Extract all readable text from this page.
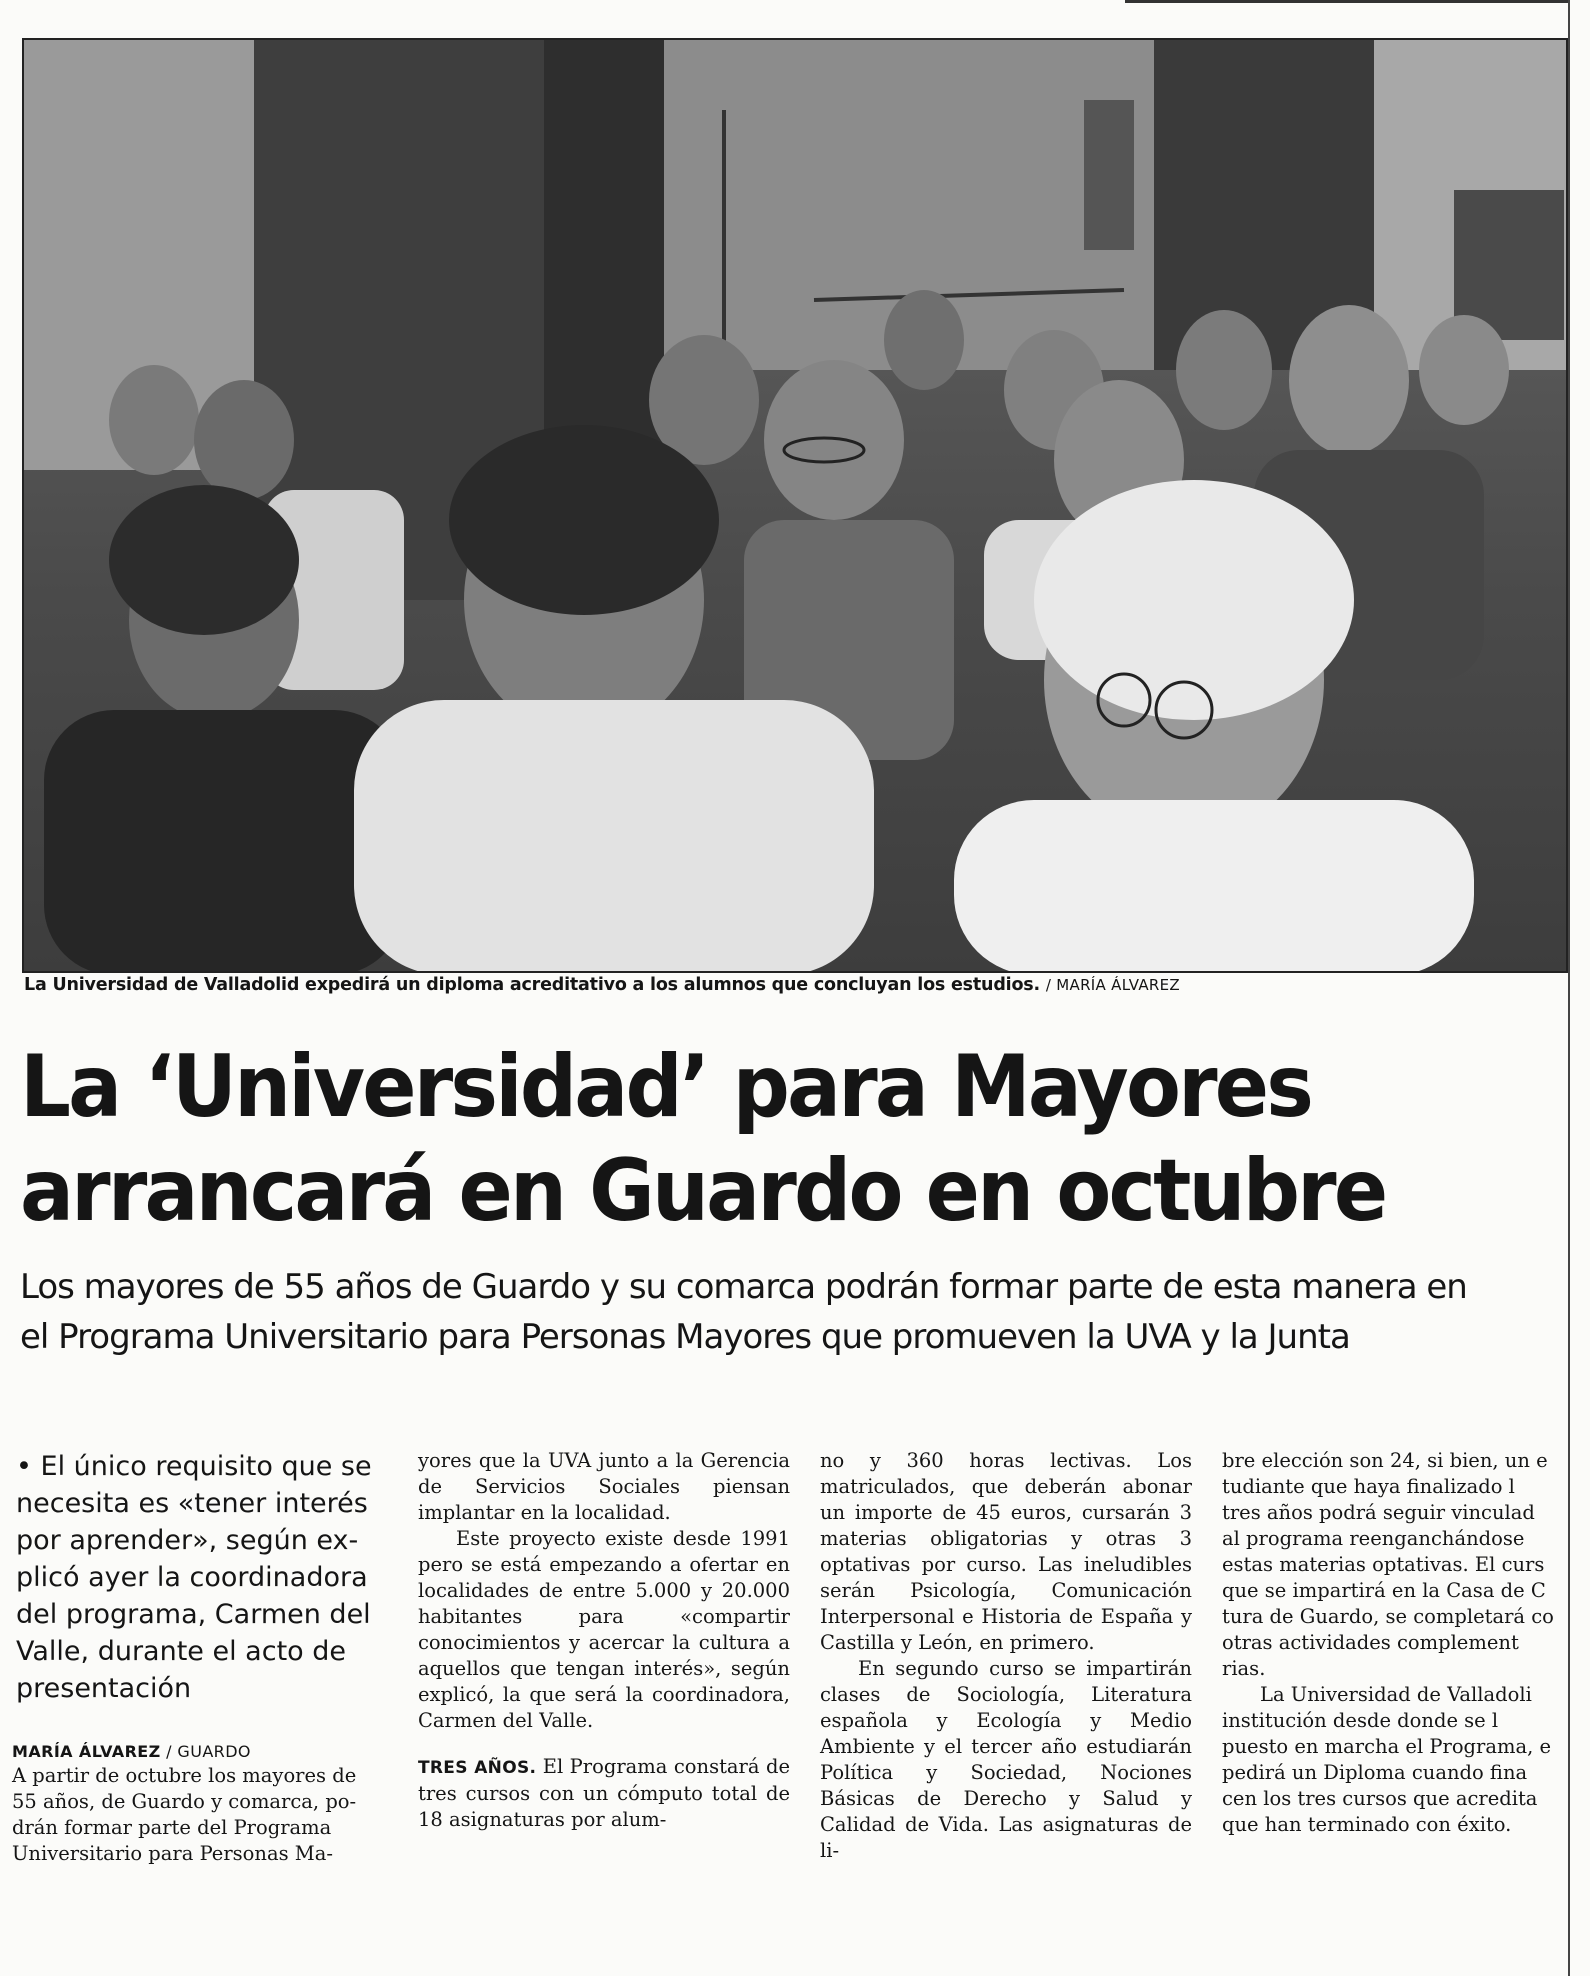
La Universidad de Valladolid expedirá un diploma acreditativo a los alumnos que concluyan los estudios. / MARÍA ÁLVAREZ
La ‘Universidad’ para Mayores
arrancará en Guardo en octubre
Los mayores de 55 años de Guardo y su comarca podrán formar parte de esta manera en
el Programa Universitario para Personas Mayores que promueven la UVA y la Junta
• El único requisito que se
necesita es «tener interés
por aprender», según ex-
plicó ayer la coordinadora
del programa, Carmen del
Valle, durante el acto de
presentación
MARÍA ÁLVAREZ / GUARDO
A partir de octubre los mayores de
55 años, de Guardo y comarca, po-
drán formar parte del Programa
Universitario para Personas Ma-

yores que la UVA junto a la Gerencia de Servicios Sociales piensan implantar en la localidad.

Este proyecto existe desde 1991 pero se está empezando a ofertar en localidades de entre 5.000 y 20.000 habitantes para «compartir conocimientos y acercar la cultura a aquellos que tengan interés», según explicó, la que será la coordinadora, Carmen del Valle.

TRES AÑOS. El Programa constará de tres cursos con un cómputo total de 18 asignaturas por alum-

no y 360 horas lectivas. Los matriculados, que deberán abonar un importe de 45 euros, cursarán 3 materias obligatorias y otras 3 optativas por curso. Las ineludibles serán Psicología, Comunicación Interpersonal e Historia de España y Castilla y León, en primero.

En segundo curso se impartirán clases de Sociología, Literatura española y Ecología y Medio Ambiente y el tercer año estudiarán Política y Sociedad, Nociones Básicas de Derecho y Salud y Calidad de Vida. Las asignaturas de li-

bre elección son 24, si bien, un e
tudiante que haya finalizado l
tres años podrá seguir vinculad
al programa reenganchándose
estas materias optativas. El curs
que se impartirá en la Casa de C
tura de Guardo, se completará co
otras actividades complement
rias.
La Universidad de Valladoli
institución desde donde se l
puesto en marcha el Programa, e
pedirá un Diploma cuando fina
cen los tres cursos que acredita
que han terminado con éxito.
